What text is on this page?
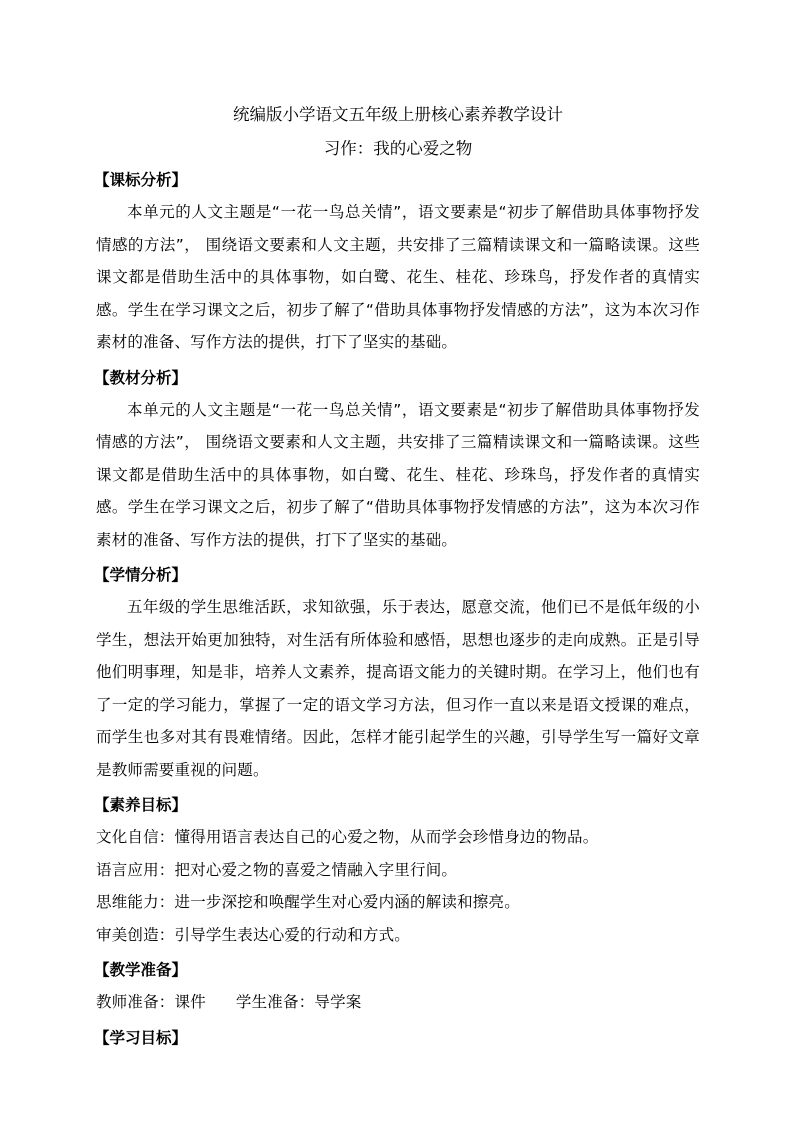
统编版小学语文五年级上册核心素养教学设计
习作：我的心爱之物
【课标分析】

本单元的人文主题是“一花一鸟总关情”，语文要素是“初步了解借助具体事物抒发情感的方法”， 围绕语文要素和人文主题，共安排了三篇精读课文和一篇略读课。这些课文都是借助生活中的具体事物，如白鹭、花生、桂花、珍珠鸟，抒发作者的真情实感。学生在学习课文之后，初步了解了“借助具体事物抒发情感的方法”，这为本次习作素材的准备、写作方法的提供，打下了坚实的基础。

【教材分析】

本单元的人文主题是“一花一鸟总关情”，语文要素是“初步了解借助具体事物抒发情感的方法”， 围绕语文要素和人文主题，共安排了三篇精读课文和一篇略读课。这些课文都是借助生活中的具体事物，如白鹭、花生、桂花、珍珠鸟，抒发作者的真情实感。学生在学习课文之后，初步了解了“借助具体事物抒发情感的方法”，这为本次习作素材的准备、写作方法的提供，打下了坚实的基础。

【学情分析】

五年级的学生思维活跃，求知欲强，乐于表达，愿意交流，他们已不是低年级的小学生，想法开始更加独特，对生活有所体验和感悟，思想也逐步的走向成熟。正是引导他们明事理，知是非，培养人文素养，提高语文能力的关键时期。在学习上，他们也有了一定的学习能力，掌握了一定的语文学习方法，但习作一直以来是语文授课的难点，而学生也多对其有畏难情绪。因此，怎样才能引起学生的兴趣，引导学生写一篇好文章是教师需要重视的问题。

【素养目标】

文化自信：懂得用语言表达自己的心爱之物，从而学会珍惜身边的物品。

语言应用：把对心爱之物的喜爱之情融入字里行间。

思维能力：进一步深挖和唤醒学生对心爱内涵的解读和擦亮。

审美创造：引导学生表达心爱的行动和方式。

【教学准备】

教师准备：课件 学生准备：导学案

【学习目标】
